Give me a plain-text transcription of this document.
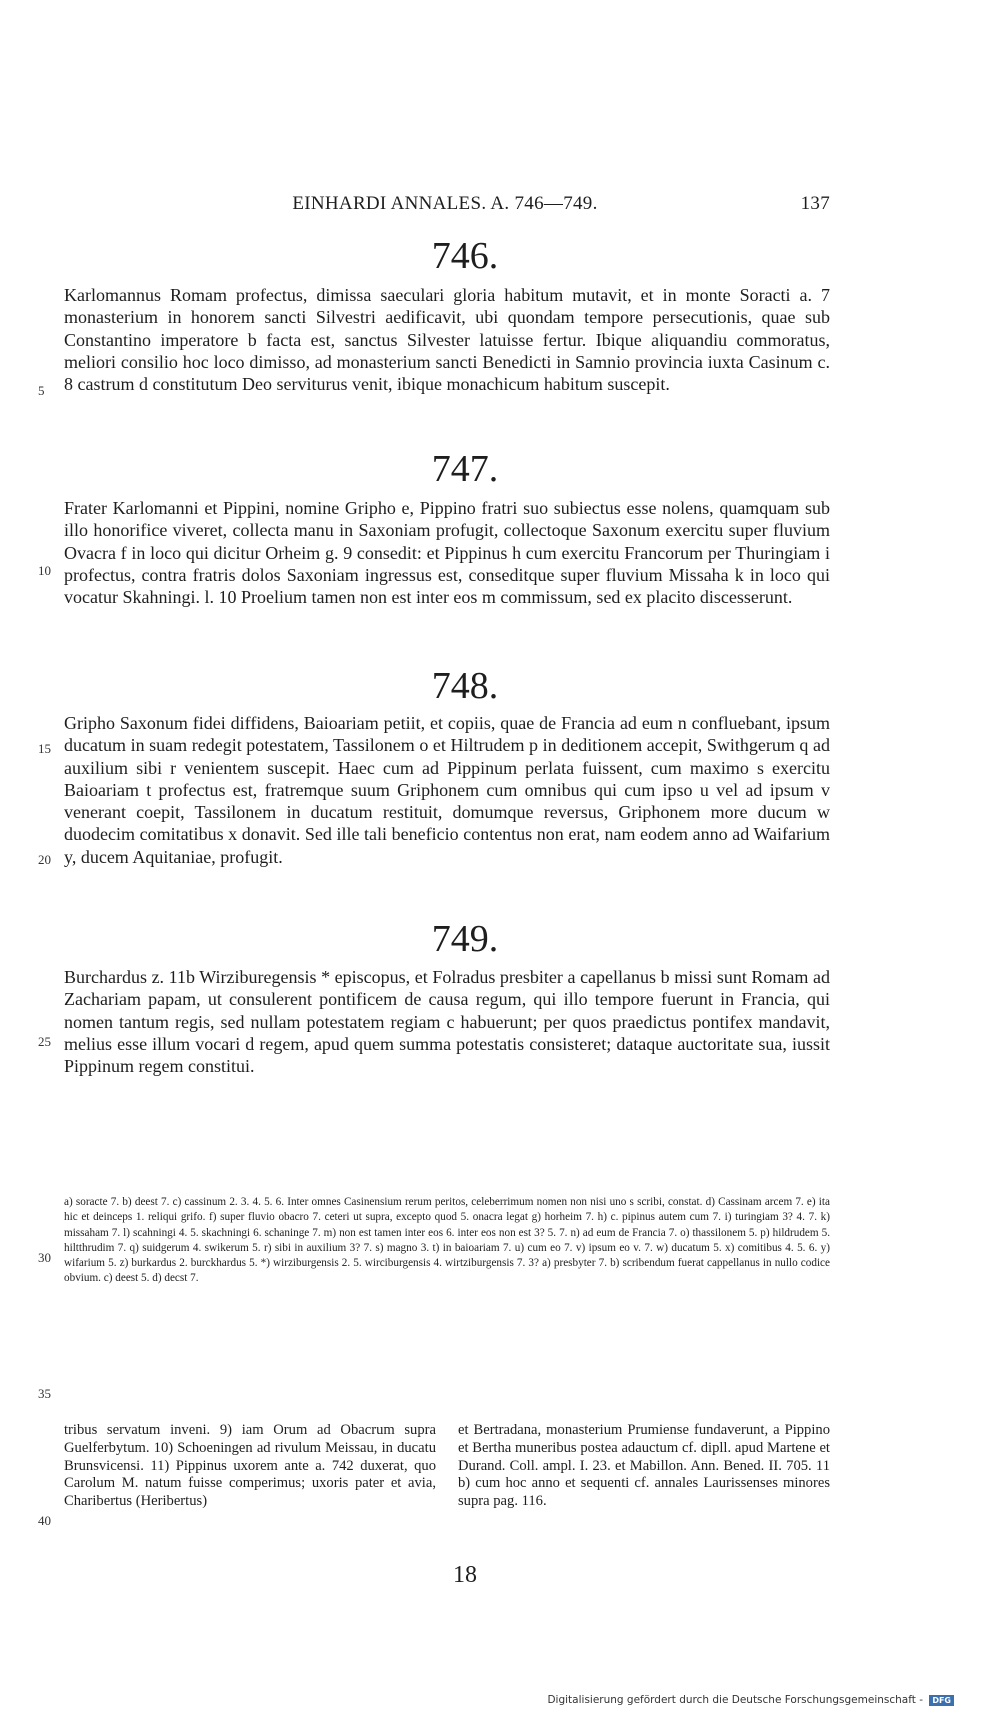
EINHARDI ANNALES. A. 746—749.	137
746.

Karlomannus Romam profectus, dimissa saeculari gloria habitum mutavit, et in monte Soracti a. 7 monasterium in honorem sancti Silvestri aedificavit, ubi quondam tempore persecutionis, quae sub Constantino imperatore b facta est, sanctus Silvester latuisse fertur. Ibique aliquandiu commoratus, meliori consilio hoc loco dimisso, ad monasterium sancti Benedicti in Samnio provincia iuxta Casinum c. 8 castrum d constitutum Deo serviturus venit, ibique monachicum habitum suscepit.

747.

Frater Karlomanni et Pippini, nomine Gripho e, Pippino fratri suo subiectus esse nolens, quamquam sub illo honorifice viveret, collecta manu in Saxoniam profugit, collectoque Saxonum exercitu super fluvium Ovacra f in loco qui dicitur Orheim g. 9 consedit: et Pippinus h cum exercitu Francorum per Thuringiam i profectus, contra fratris dolos Saxoniam ingressus est, conseditque super fluvium Missaha k in loco qui vocatur Skahningi. l. 10 Proelium tamen non est inter eos m commissum, sed ex placito discesserunt.

748.

Gripho Saxonum fidei diffidens, Baioariam petiit, et copiis, quae de Francia ad eum n confluebant, ipsum ducatum in suam redegit potestatem, Tassilonem o et Hiltrudem p in deditionem accepit, Swithgerum q ad auxilium sibi r venientem suscepit. Haec cum ad Pippinum perlata fuissent, cum maximo s exercitu Baioariam t profectus est, fratremque suum Griphonem cum omnibus qui cum ipso u vel ad ipsum v venerant coepit, Tassilonem in ducatum restituit, domumque reversus, Griphonem more ducum w duodecim comitatibus x donavit. Sed ille tali beneficio contentus non erat, nam eodem anno ad Waifarium y, ducem Aquitaniae, profugit.

749.

Burchardus z. 11b Wirziburegensis * episcopus, et Folradus presbiter a capellanus b missi sunt Romam ad Zachariam papam, ut consulerent pontificem de causa regum, qui illo tempore fuerunt in Francia, qui nomen tantum regis, sed nullam potestatem regiam c habuerunt; per quos praedictus pontifex mandavit, melius esse illum vocari d regem, apud quem summa potestatis consisteret; dataque auctoritate sua, iussit Pippinum regem constitui.

5
10
15
20
25
30
35
40

a) soracte 7. b) deest 7. c) cassinum 2. 3. 4. 5. 6. Inter omnes Casinensium rerum peritos, celeberrimum nomen non nisi uno s scribi, constat. d) Cassinam arcem 7. e) ita hic et deinceps 1. reliqui grifo. f) super fluvio obacro 7. ceteri ut supra, excepto quod 5. onacra legat g) horheim 7. h) c. pipinus autem cum 7. i) turingiam 3? 4. 7. k) missaham 7. l) scahningi 4. 5. skachningi 6. schaninge 7. m) non est tamen inter eos 6. inter eos non est 3? 5. 7. n) ad eum de Francia 7. o) thassilonem 5. p) hildrudem 5. hiltthrudim 7. q) suidgerum 4. swikerum 5. r) sibi in auxilium 3? 7. s) magno 3. t) in baioariam 7. u) cum eo 7. v) ipsum eo v. 7. w) ducatum 5. x) comitibus 4. 5. 6. y) wifarium 5. z) burkardus 2. burckhardus 5. *) wirziburgensis 2. 5. wirciburgensis 4. wirtziburgensis 7. 3? a) presbyter 7. b) scribendum fuerat cappellanus in nullo codice obvium. c) deest 5. d) decst 7.

tribus servatum inveni. 9) iam Orum ad Obacrum supra Guelferbytum. 10) Schoeningen ad rivulum Meissau, in ducatu Brunsvicensi. 11) Pippinus uxorem ante a. 742 duxerat, quo Carolum M. natum fuisse comperimus; uxoris pater et avia, Charibertus (Heribertus)

et Bertradana, monasterium Prumiense fundaverunt, a Pippino et Bertha muneribus postea adauctum cf. dipll. apud Martene et Durand. Coll. ampl. I. 23. et Mabillon. Ann. Bened. II. 705. 11 b) cum hoc anno et sequenti cf. annales Laurissenses minores supra pag. 116.

18
Digitalisierung gefördert durch die Deutsche Forschungsgemeinschaft - DFG
